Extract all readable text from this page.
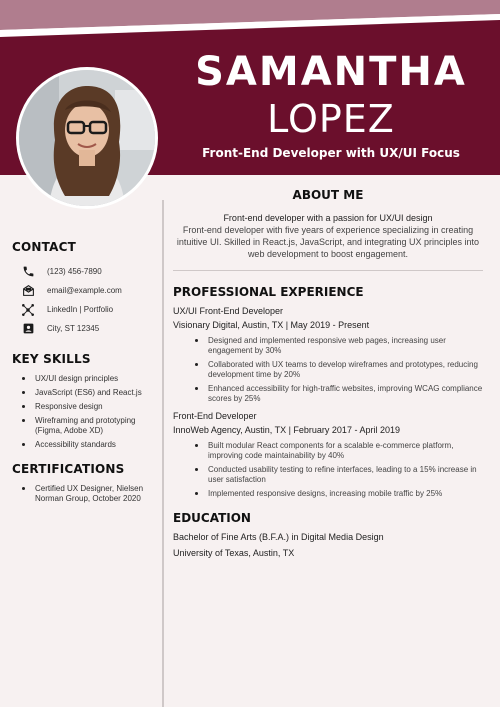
SAMANTHA
LOPEZ
Front-End Developer with UX/UI Focus
CONTACT
(123) 456-7890
email@example.com
LinkedIn | Portfolio
City, ST 12345
KEY SKILLS
UX/UI design principles
JavaScript (ES6) and React.js
Responsive design
Wireframing and prototyping (Figma, Adobe XD)
Accessibility standards
CERTIFICATIONS
Certified UX Designer, Nielsen Norman Group, October 2020
ABOUT ME
Front-end developer with a passion for UX/UI design
Front-end developer with five years of experience specializing in creating intuitive UI. Skilled in React.js, JavaScript, and integrating UX principles into web development to boost engagement.
PROFESSIONAL EXPERIENCE
UX/UI Front-End Developer
Visionary Digital, Austin, TX | May 2019 - Present
Designed and implemented responsive web pages, increasing user engagement by 30%
Collaborated with UX teams to develop wireframes and prototypes, reducing development time by 20%
Enhanced accessibility for high-traffic websites, improving WCAG compliance scores by 25%
Front-End Developer
InnoWeb Agency, Austin, TX | February 2017 - April 2019
Built modular React components for a scalable e-commerce platform, improving code maintainability by 40%
Conducted usability testing to refine interfaces, leading to a 15% increase in user satisfaction
Implemented responsive designs, increasing mobile traffic by 25%
EDUCATION
Bachelor of Fine Arts (B.F.A.) in Digital Media Design
University of Texas, Austin, TX
